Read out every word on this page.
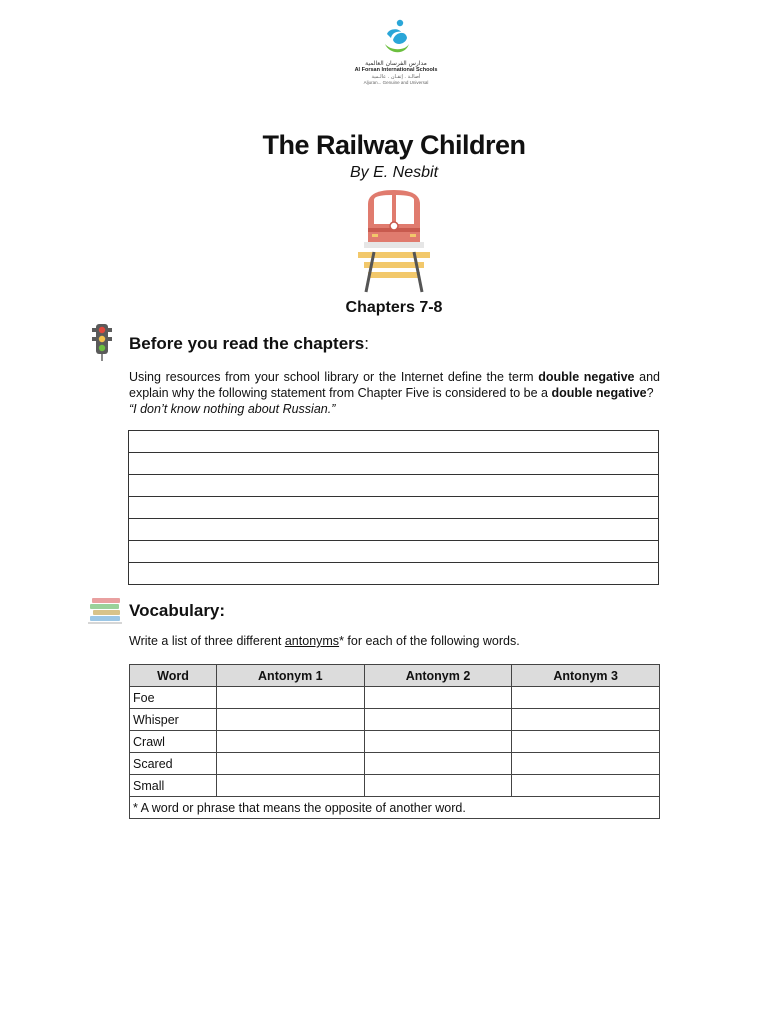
مدارس الفرسان العالمية
Al Forsan International Schools
أصالـة . إتقـان . عالـمية
Aljuran... Genuine and Universal
The Railway Children
By E. Nesbit
Chapters 7-8
Before you read the chapters:
Using resources from your school library or the Internet define the term double negative and explain why the following statement from Chapter Five is considered to be a double negative?
“I don’t know nothing about Russian.”

Vocabulary:
Write a list of three different antonyms* for each of the following words.
Word	Antonym 1	Antonym 2	Antonym 3
Foe			
Whisper			
Crawl			
Scared			
Small			
* A word or phrase that means the opposite of another word.			
